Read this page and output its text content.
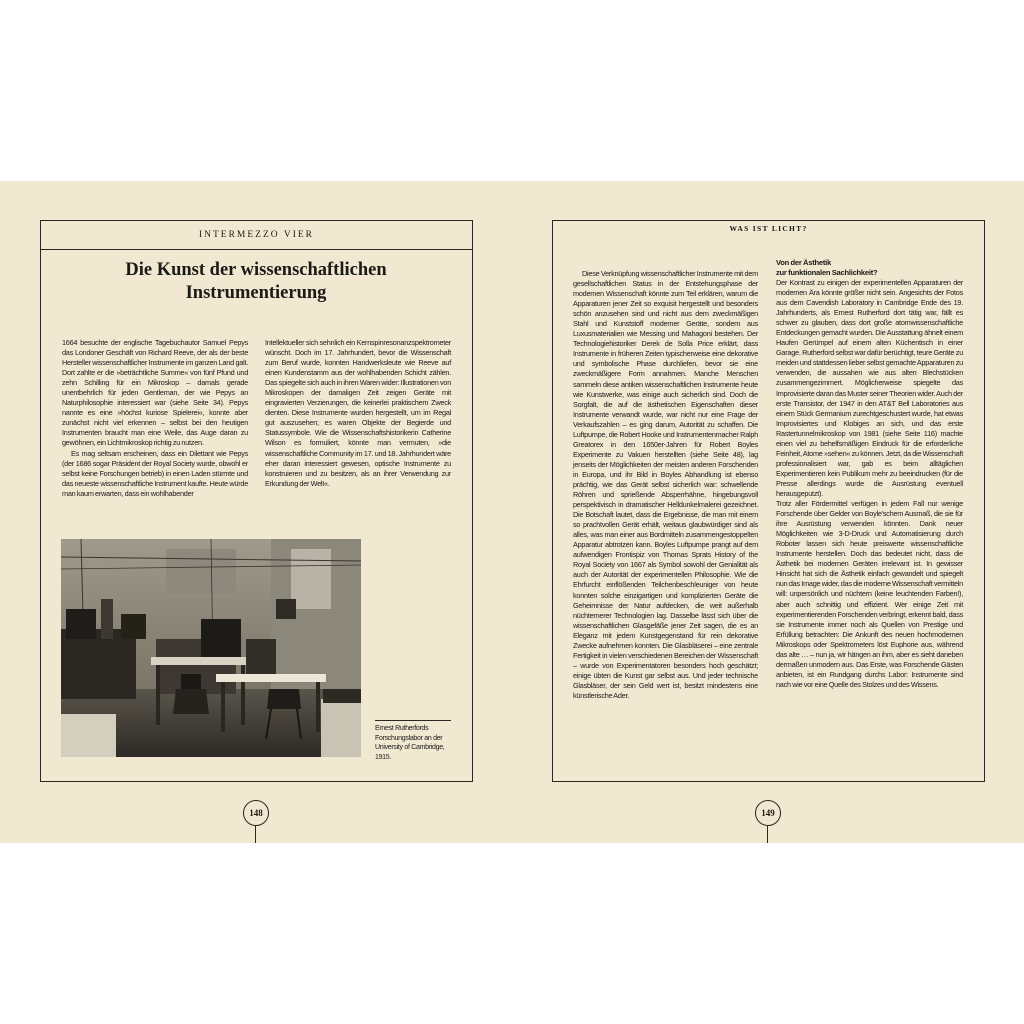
INTERMEZZO VIER
Die Kunst der wissenschaftlichen
Instrumentierung

1664 besuchte der englische Tagebuchautor Samuel Pepys das Londoner Geschäft von Richard Reeve, der als der beste Hersteller wissenschaftlicher Instrumente im ganzen Land galt. Dort zahlte er die »beträchtliche Summe« von fünf Pfund und zehn Schilling für ein Mikroskop – damals gerade unentbehrlich für jeden Gentleman, der wie Pepys an Naturphilosophie interessiert war (siehe Seite 34). Pepys nannte es eine »höchst kuriose Spielerei«, konnte aber zunächst nicht viel erkennen – selbst bei den heutigen Instrumenten braucht man eine Weile, das Auge daran zu gewöhnen, ein Lichtmikroskop richtig zu nutzen.

Es mag seltsam erscheinen, dass ein Dilettant wie Pepys (der 1686 sogar Präsident der Royal Society wurde, obwohl er selbst keine Forschungen betrieb) in einen Laden stürmte und das neueste wissenschaftliche Instrument kaufte. Heute würde man kaum erwarten, dass ein wohlhabender

Intellektueller sich sehnlich ein Kernspinresonanzspektrometer wünscht. Doch im 17. Jahrhundert, bevor die Wissenschaft zum Beruf wurde, konnten Handwerksleute wie Reeve auf einen Kundenstamm aus der wohlhabenden Schicht zählen. Das spiegelte sich auch in ihren Waren wider: Illustrationen von Mikroskopen der damaligen Zeit zeigen Geräte mit eingravierten Verzierungen, die keinerlei praktischem Zweck dienten. Diese Instrumente wurden hergestellt, um im Regal gut auszusehen; es waren Objekte der Begierde und Statussymbole. Wie die Wissenschaftshistorikerin Catherine Wilson es formuliert, könnte man vermuten, »die wissenschaftliche Community im 17. und 18. Jahrhundert wäre eher daran interessiert gewesen, optische Instrumente zu konstruieren und zu besitzen, als an ihrer Verwendung zur Erkundung der Welt«.

Ernest Rutherfords Forschungslabor an der University of Cambridge, 1915.
WAS IST LICHT?

Diese Verknüpfung wissenschaftlicher Instrumente mit dem gesellschaftlichen Status in der Entstehungsphase der modernen Wissenschaft könnte zum Teil erklären, warum die Apparaturen jener Zeit so exquisit hergestellt und besonders schön anzusehen sind und nicht aus dem zweckmäßigen Stahl und Kunststoff moderner Geräte, sondern aus Luxusmaterialien wie Messing und Mahagoni bestehen. Der Technologiehistoriker Derek de Solla Price erklärt, dass Instrumente in früheren Zeiten typischerweise eine dekorative und symbolische Phase durchliefen, bevor sie eine zweckmäßigere Form annahmen. Manche Menschen sammeln diese antiken wissenschaftlichen Instrumente heute wie Kunstwerke, was einige auch sicherlich sind. Doch die Sorgfalt, die auf die ästhetischen Eigenschaften dieser Instrumente verwandt wurde, war nicht nur eine Frage der Verkaufszahlen – es ging darum, Autorität zu schaffen. Die Luftpumpe, die Robert Hooke und Instrumentenmacher Ralph Greatorex in den 1650er-Jahren für Robert Boyles Experimente zu Vakuen herstellten (siehe Seite 48), lag jenseits der Möglichkeiten der meisten anderen Forschenden in Europa, und ihr Bild in Boyles Abhandlung ist ebenso prächtig, wie das Gerät selbst sicherlich war: schwellende Röhren und sprießende Absperrhähne, hingebungsvoll perspektivisch in dramatischer Helldunkelmalerei gezeichnet. Die Botschaft lautet, dass die Ergebnisse, die man mit einem so prachtvollen Gerät erhält, weitaus glaubwürdiger sind als alles, was man einer aus Bordmitteln zusammengestoppelten Apparatur abtrotzen kann. Boyles Luftpumpe prangt auf dem aufwendigen Frontispiz von Thomas Sprats History of the Royal Society von 1667 als Symbol sowohl der Genialität als auch der Autorität der experimentellen Philosophie. Wie die Ehrfurcht einflößenden Teilchenbeschleuniger von heute konnten solche einzigartigen und komplizierten Geräte die Geheimnisse der Natur aufdecken, die weit außerhalb nüchternerer Technologien lag. Dasselbe lässt sich über die wissenschaftlichen Glasgefäße jener Zeit sagen, die es an Eleganz mit jedem Kunstgegenstand für rein dekorative Zwecke aufnehmen konnten. Die Glasbläserei – eine zentrale Fertigkeit in vielen verschiedenen Bereichen der Wissenschaft – wurde von Experimentatoren besonders hoch geschätzt; einige übten die Kunst gar selbst aus. Und jeder technische Glasbläser, der sein Geld wert ist, besitzt mindestens eine künstlerische Ader.

Von der Ästhetik
zur funktionalen Sachlichkeit?

Der Kontrast zu einigen der experimentellen Apparaturen der modernen Ära könnte größer nicht sein. Angesichts der Fotos aus dem Cavendish Laboratory in Cambridge Ende des 19. Jahrhunderts, als Ernest Rutherford dort tätig war, fällt es schwer zu glauben, dass dort große atomwissenschaftliche Entdeckungen gemacht wurden. Die Ausstattung ähnelt einem Haufen Gerümpel auf einem alten Küchentisch in einer Garage. Rutherford selbst war dafür berüchtigt, teure Geräte zu meiden und stattdessen lieber selbst gemachte Apparaturen zu verwenden, die aussahen wie aus alten Blechstücken zusammengezimmert. Möglicherweise spiegelte das Improvisierte daran das Muster seiner Theorien wider. Auch der erste Transistor, der 1947 in den AT&T Bell Laboratories aus einem Stück Germanium zurechtgeschustert wurde, hat etwas Improvisiertes und Klobiges an sich, und das erste Rastertunnelmikroskop von 1981 (siehe Seite 116) machte einen viel zu behelfsmäßigen Eindruck für die erforderliche Feinheit, Atome »sehen« zu können. Jetzt, da die Wissenschaft professionalisiert war, gab es beim alltäglichen Experimentieren kein Publikum mehr zu beeindrucken (für die Presse allerdings wurde die Ausrüstung eventuell herausgeputzt).

Trotz aller Fördermittel verfügen in jedem Fall nur wenige Forschende über Gelder von Boyle'schem Ausmaß, die sie für ihre Ausrüstung verwenden könnten. Dank neuer Möglichkeiten wie 3-D-Druck und Automatisierung durch Roboter lassen sich heute preiswerte wissenschaftliche Instrumente herstellen. Doch das bedeutet nicht, dass die Ästhetik bei modernen Geräten irrelevant ist. In gewisser Hinsicht hat sich die Ästhetik einfach gewandelt und spiegelt nun das Image wider, das die moderne Wissenschaft vermitteln will: unpersönlich und nüchtern (keine leuchtenden Farben!), aber auch schnittig und effizient. Wer einige Zeit mit experimentierenden Forschenden verbringt, erkennt bald, dass sie Instrumente immer noch als Quellen von Prestige und Erfüllung betrachten: Die Ankunft des neuen hochmodernen Mikroskops oder Spektrometers löst Euphorie aus, während das alte … – nun ja, wir hängen an ihm, aber es sieht daneben dermaßen unmodern aus. Das Erste, was Forschende Gästen anbieten, ist ein Rundgang durchs Labor: Instrumente sind nach wie vor eine Quelle des Stolzes und des Wissens.

148	149
